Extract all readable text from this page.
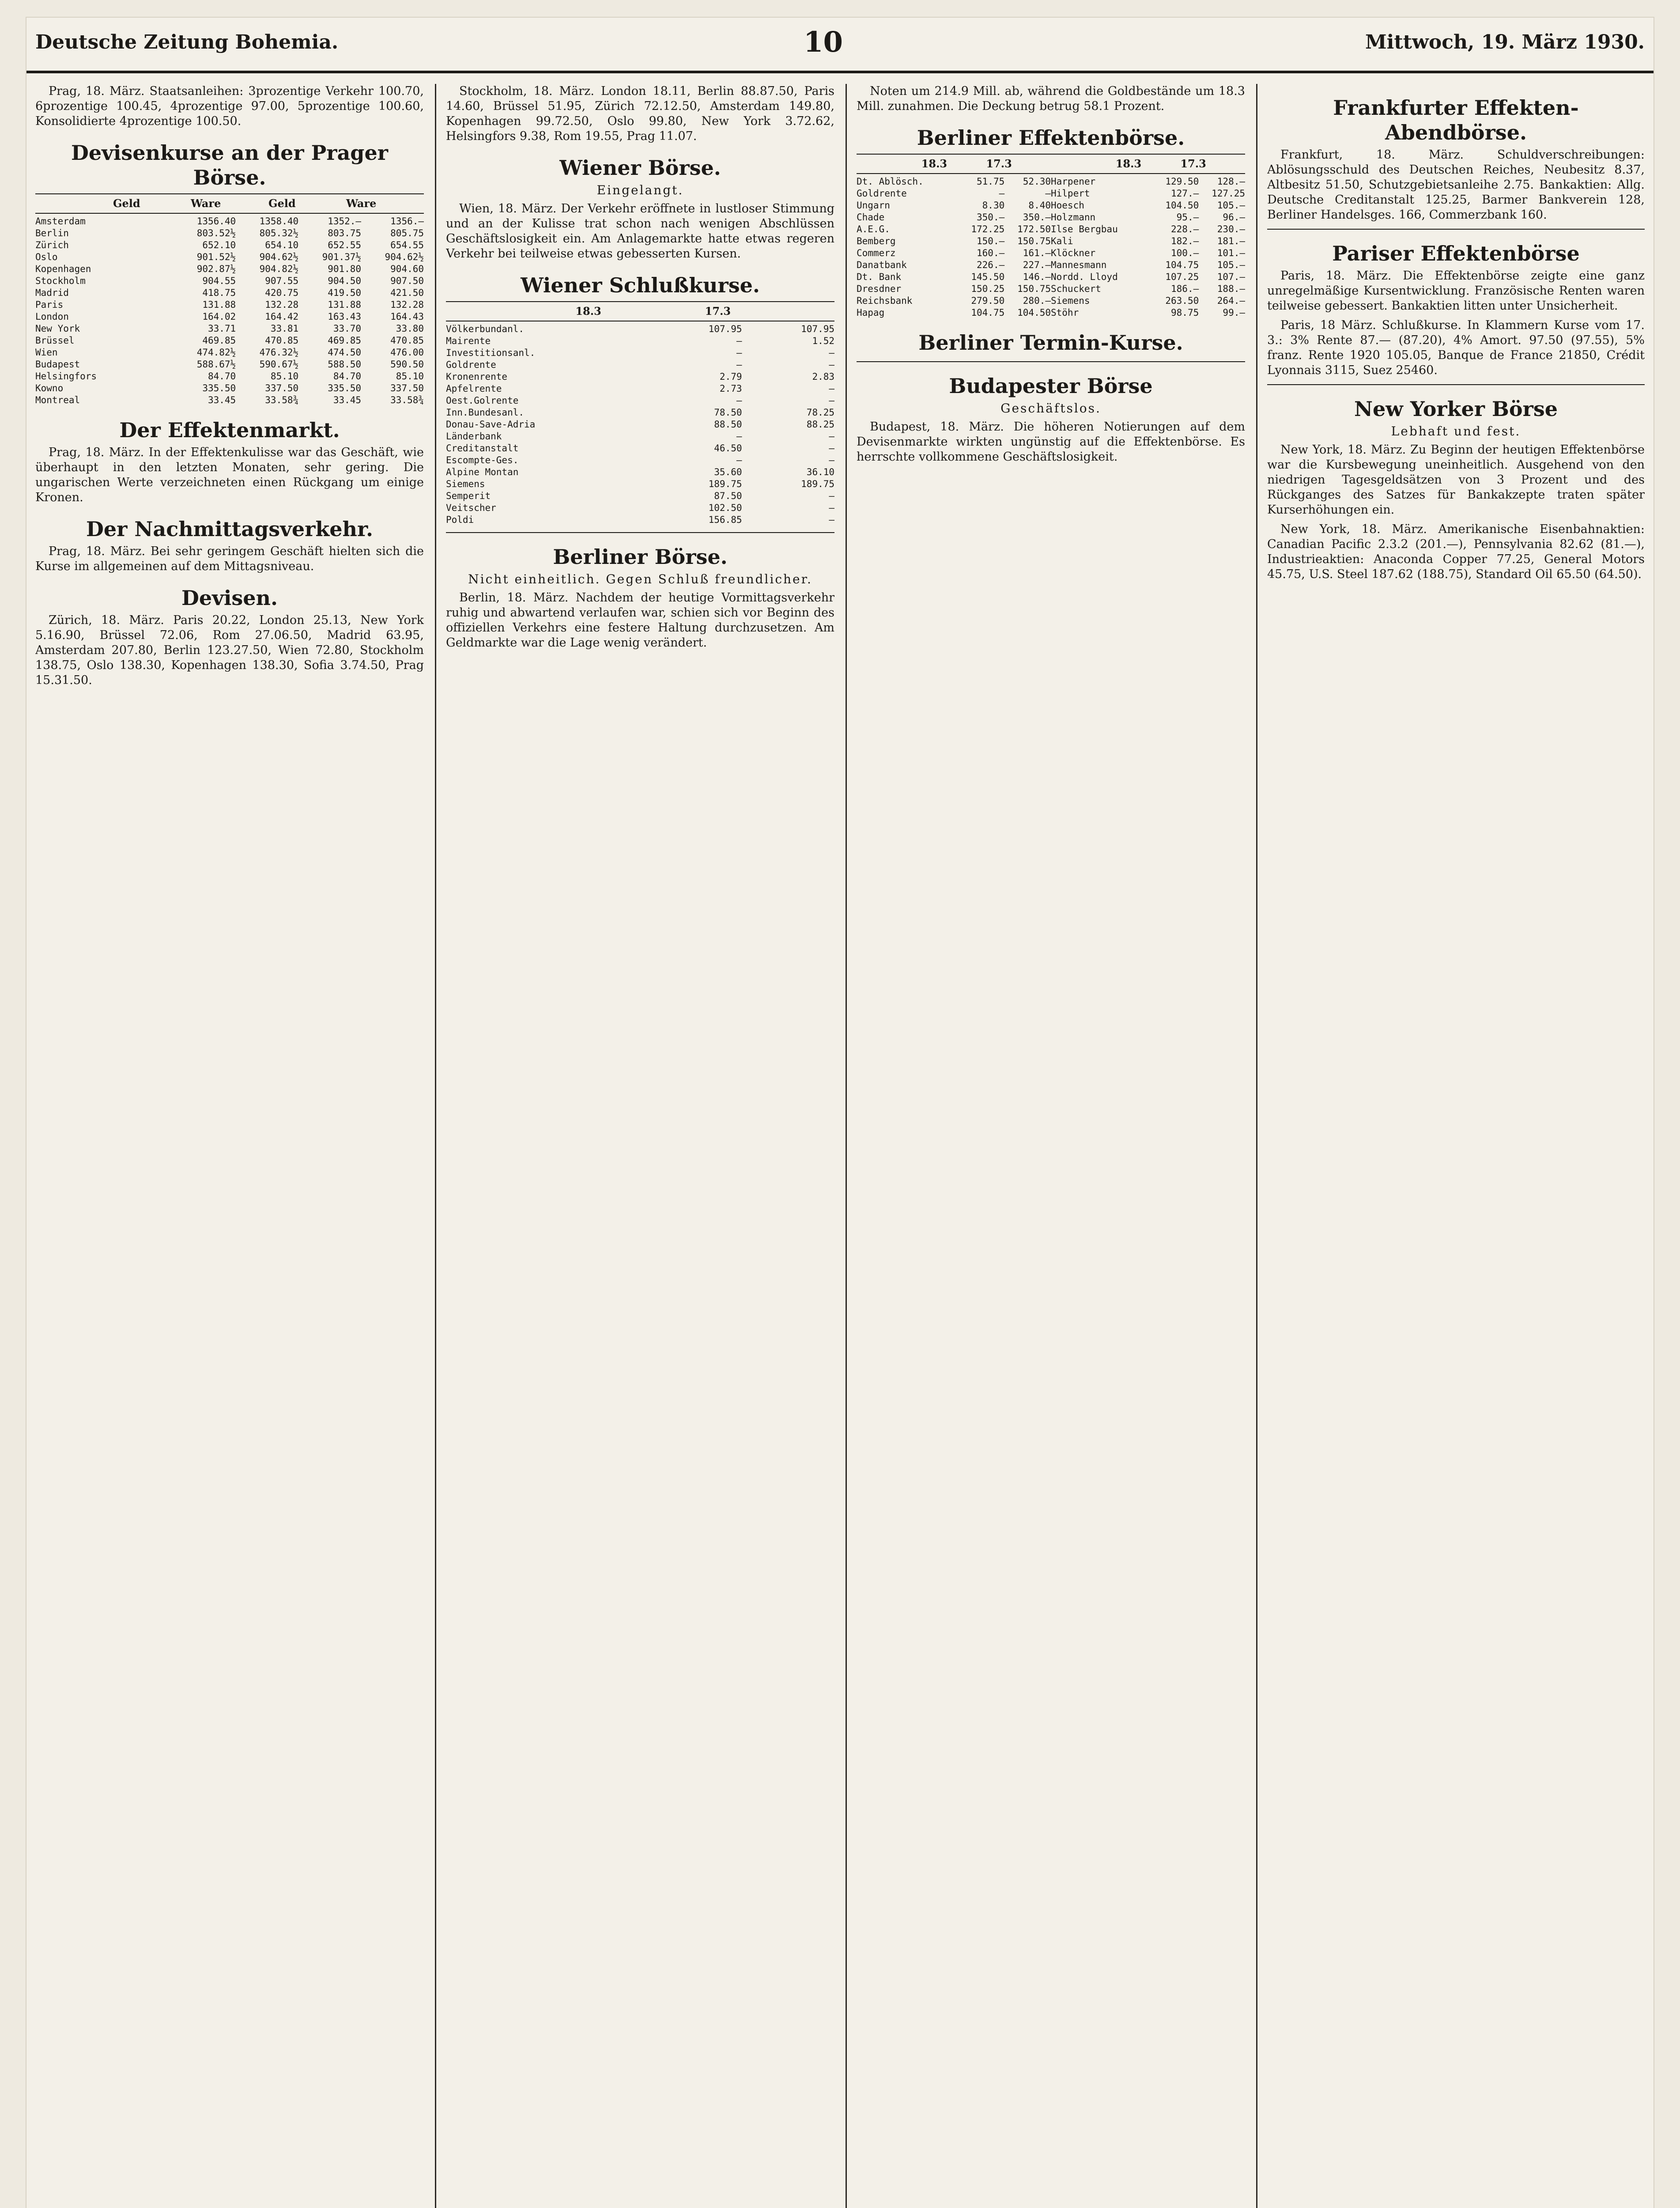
Deutsche Zeitung Bohemia.	10	Mittwoch, 19. März 1930.

Prag, 18. März. Staatsanleihen: 3prozentige Verkehr 100.70, 6prozentige 100.45, 4prozentige 97.00, 5prozentige 100.60, Konsolidierte 4prozentige 100.50.

Devisenkurse an der Prager Börse.
Geld	Ware	Geld	Ware
Amsterdam	1356.40	1358.40	1352.—	1356.—
Berlin	803.52½	805.32½	803.75	805.75
Zürich	652.10	654.10	652.55	654.55
Oslo	901.52½	904.62½	901.37½	904.62½
Kopenhagen	902.87½	904.82½	901.80	904.60
Stockholm	904.55	907.55	904.50	907.50
Madrid	418.75	420.75	419.50	421.50
Paris	131.88	132.28	131.88	132.28
London	164.02	164.42	163.43	164.43
New York	33.71	33.81	33.70	33.80
Brüssel	469.85	470.85	469.85	470.85
Wien	474.82½	476.32½	474.50	476.00
Budapest	588.67½	590.67½	588.50	590.50
Helsingfors	84.70	85.10	84.70	85.10
Kowno	335.50	337.50	335.50	337.50
Montreal	33.45	33.58¾	33.45	33.58¾
Der Effektenmarkt.

Prag, 18. März. In der Effektenkulisse war das Geschäft, wie überhaupt in den letzten Monaten, sehr gering. Die ungarischen Werte verzeichneten einen Rückgang um einige Kronen.

Der Nachmittagsverkehr.

Prag, 18. März. Bei sehr geringem Geschäft hielten sich die Kurse im allgemeinen auf dem Mittagsniveau.

Devisen.

Zürich, 18. März. Paris 20.22, London 25.13, New York 5.16.90, Brüssel 72.06, Rom 27.06.50, Madrid 63.95, Amsterdam 207.80, Berlin 123.27.50, Wien 72.80, Stockholm 138.75, Oslo 138.30, Kopenhagen 138.30, Sofia 3.74.50, Prag 15.31.50.

Stockholm, 18. März. London 18.11, Berlin 88.87.50, Paris 14.60, Brüssel 51.95, Zürich 72.12.50, Amsterdam 149.80, Kopenhagen 99.72.50, Oslo 99.80, New York 3.72.62, Helsingfors 9.38, Rom 19.55, Prag 11.07.

Wiener Börse.
Eingelangt.

Wien, 18. März. Der Verkehr eröffnete in lustloser Stimmung und an der Kulisse trat schon nach wenigen Abschlüssen Geschäftslosigkeit ein. Am Anlagemarkte hatte etwas regeren Verkehr bei teilweise etwas gebesserten Kursen.

Wiener Schlußkurse.
18.3	17.3
Völkerbundanl.	107.95	107.95
Mairente	—	1.52
Investitionsanl.	—	—
Goldrente	—	—
Kronenrente	2.79	2.83
Apfelrente	2.73	—
Oest.Golrente	—	—
Inn.Bundesanl.	78.50	78.25
Donau-Save-Adria	88.50	88.25
Länderbank	—	—
Creditanstalt	46.50	—
Escompte-Ges.	—	—
Alpine Montan	35.60	36.10
Siemens	189.75	189.75
Semperit	87.50	—
Veitscher	102.50	—
Poldi	156.85	—
Berliner Börse.
Nicht einheitlich. Gegen Schluß freundlicher.

Berlin, 18. März. Nachdem der heutige Vormittagsverkehr ruhig und abwartend verlaufen war, schien sich vor Beginn des offiziellen Verkehrs eine festere Haltung durchzusetzen. Am Geldmarkte war die Lage wenig verändert.

Noten um 214.9 Mill. ab, während die Goldbestände um 18.3 Mill. zunahmen. Die Deckung betrug 58.1 Prozent.

Berliner Effektenbörse.
18.3	17.3	18.3	17.3
Dt. Ablösch.	51.75	52.30 Harpener	129.50	128.—
Goldrente	—	— Hilpert	127.—	127.25
Ungarn	8.30	8.40 Hoesch	104.50	105.—
Chade	350.—	350.— Holzmann	95.—	96.—
A.E.G.	172.25	172.50 Ilse Bergbau	228.—	230.—
Bemberg	150.—	150.75 Kali	182.—	181.—
Commerz	160.—	161.— Klöckner	100.—	101.—
Danatbank	226.—	227.— Mannesmann	104.75	105.—
Dt. Bank	145.50	146.— Nordd. Lloyd	107.25	107.—
Dresdner	150.25	150.75 Schuckert	186.—	188.—
Reichsbank	279.50	280.— Siemens	263.50	264.—
Hapag	104.75	104.50 Stöhr	98.75	99.—
Berliner Termin-Kurse.
Budapester Börse
Geschäftslos.

Budapest, 18. März. Die höheren Notierungen auf dem Devisenmarkte wirkten ungünstig auf die Effektenbörse. Es herrschte vollkommene Geschäftslosigkeit.

Frankfurter Effekten-Abendbörse.

Frankfurt, 18. März. Schuldverschreibungen: Ablösungsschuld des Deutschen Reiches, Neubesitz 8.37, Altbesitz 51.50, Schutzgebietsanleihe 2.75. Bankaktien: Allg. Deutsche Creditanstalt 125.25, Barmer Bankverein 128, Berliner Handelsges. 166, Commerzbank 160.

Pariser Effektenbörse

Paris, 18. März. Die Effektenbörse zeigte eine ganz unregelmäßige Kursentwicklung. Französische Renten waren teilweise gebessert. Bankaktien litten unter Unsicherheit.

Paris, 18 März. Schlußkurse. In Klammern Kurse vom 17. 3.: 3% Rente 87.— (87.20), 4% Amort. 97.50 (97.55), 5% franz. Rente 1920 105.05, Banque de France 21850, Crédit Lyonnais 3115, Suez 25460.

New Yorker Börse
Lebhaft und fest.

New York, 18. März. Zu Beginn der heutigen Effektenbörse war die Kursbewegung uneinheitlich. Ausgehend von den niedrigen Tagesgeldsätzen von 3 Prozent und des Rückganges des Satzes für Bankakzepte traten später Kurserhöhungen ein.

New York, 18. März. Amerikanische Eisenbahnaktien: Canadian Pacific 2.3.2 (201.—), Pennsylvania 82.62 (81.—), Industrieaktien: Anaconda Copper 77.25, General Motors 45.75, U.S. Steel 187.62 (188.75), Standard Oil 65.50 (64.50).
